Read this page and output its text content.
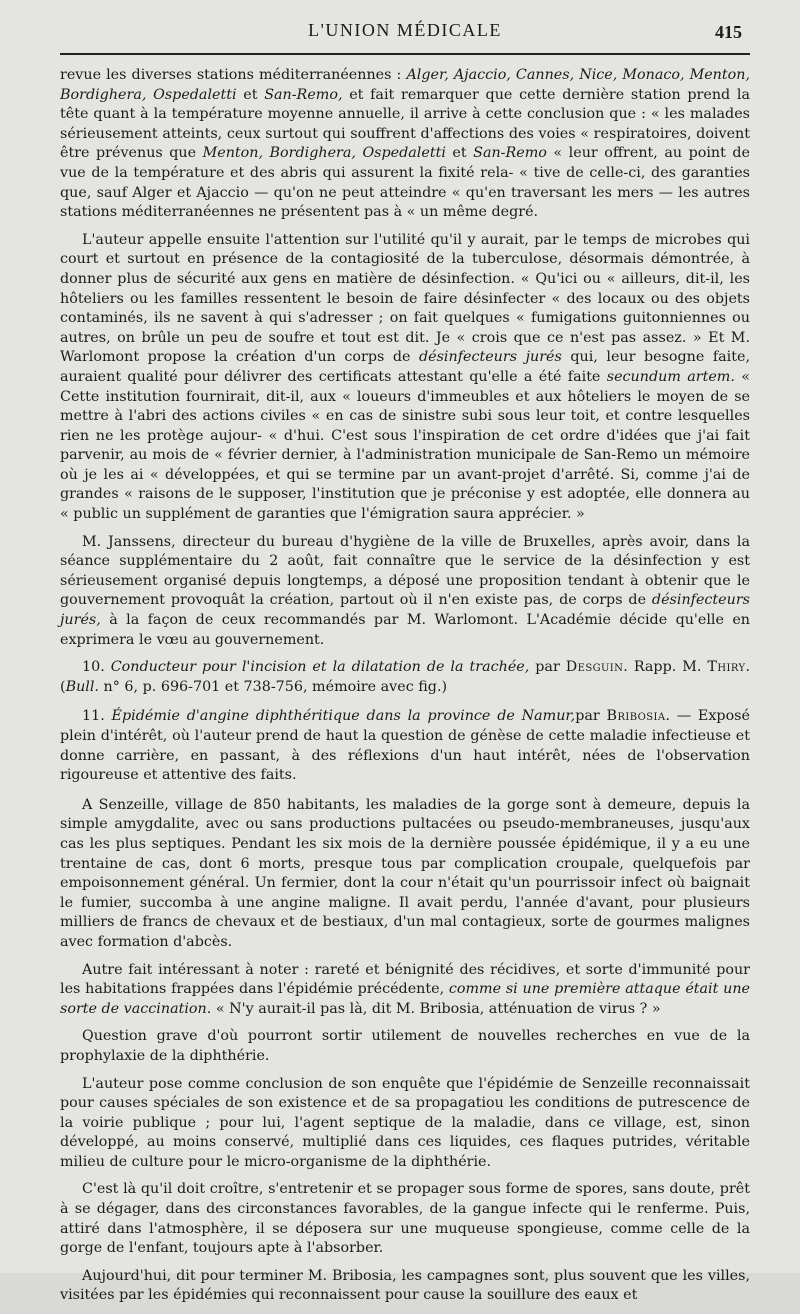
L'UNION MÉDICALE	415

revue les diverses stations méditerranéennes : Alger, Ajaccio, Cannes, Nice, Monaco, Menton, Bordighera, Ospedaletti et San-Remo, et fait remarquer que cette dernière station prend la tête quant à la température moyenne annuelle, il arrive à cette conclusion que : « les malades sérieusement atteints, ceux surtout qui souffrent d'affections des voies « respiratoires, doivent être prévenus que Menton, Bordighera, Ospedaletti et San-Remo « leur offrent, au point de vue de la température et des abris qui assurent la fixité rela- « tive de celle-ci, des garanties que, sauf Alger et Ajaccio — qu'on ne peut atteindre « qu'en traversant les mers — les autres stations méditerranéennes ne présentent pas à « un même degré.

L'auteur appelle ensuite l'attention sur l'utilité qu'il y aurait, par le temps de microbes qui court et surtout en présence de la contagiosité de la tuberculose, désormais démontrée, à donner plus de sécurité aux gens en matière de désinfection. « Qu'ici ou « ailleurs, dit-il, les hôteliers ou les familles ressentent le besoin de faire désinfecter « des locaux ou des objets contaminés, ils ne savent à qui s'adresser ; on fait quelques « fumigations guitonniennes ou autres, on brûle un peu de soufre et tout est dit. Je « crois que ce n'est pas assez. » Et M. Warlomont propose la création d'un corps de désinfecteurs jurés qui, leur besogne faite, auraient qualité pour délivrer des certificats attestant qu'elle a été faite secundum artem. « Cette institution fournirait, dit-il, aux « loueurs d'immeubles et aux hôteliers le moyen de se mettre à l'abri des actions civiles « en cas de sinistre subi sous leur toit, et contre lesquelles rien ne les protège aujour- « d'hui. C'est sous l'inspiration de cet ordre d'idées que j'ai fait parvenir, au mois de « février dernier, à l'administration municipale de San-Remo un mémoire où je les ai « développées, et qui se termine par un avant-projet d'arrêté. Si, comme j'ai de grandes « raisons de le supposer, l'institution que je préconise y est adoptée, elle donnera au « public un supplément de garanties que l'émigration saura apprécier. »

M. Janssens, directeur du bureau d'hygiène de la ville de Bruxelles, après avoir, dans la séance supplémentaire du 2 août, fait connaître que le service de la désinfection y est sérieusement organisé depuis longtemps, a déposé une proposition tendant à obtenir que le gouvernement provoquât la création, partout où il n'en existe pas, de corps de désinfecteurs jurés, à la façon de ceux recommandés par M. Warlomont. L'Académie décide qu'elle en exprimera le vœu au gouvernement.

10. Conducteur pour l'incision et la dilatation de la trachée, par Desguin. Rapp. M. Thiry. (Bull. n° 6, p. 696-701 et 738-756, mémoire avec fig.)

11. Épidémie d'angine diphthéritique dans la province de Namur,par Bribosia. — Exposé plein d'intérêt, où l'auteur prend de haut la question de génèse de cette maladie infectieuse et donne carrière, en passant, à des réflexions d'un haut intérêt, nées de l'observation rigoureuse et attentive des faits.

A Senzeille, village de 850 habitants, les maladies de la gorge sont à demeure, depuis la simple amygdalite, avec ou sans productions pultacées ou pseudo-membraneuses, jusqu'aux cas les plus septiques. Pendant les six mois de la dernière poussée épidémique, il y a eu une trentaine de cas, dont 6 morts, presque tous par complication croupale, quelquefois par empoisonnement général. Un fermier, dont la cour n'était qu'un pourrissoir infect où baignait le fumier, succomba à une angine maligne. Il avait perdu, l'année d'avant, pour plusieurs milliers de francs de chevaux et de bestiaux, d'un mal contagieux, sorte de gourmes malignes avec formation d'abcès.

Autre fait intéressant à noter : rareté et bénignité des récidives, et sorte d'immunité pour les habitations frappées dans l'épidémie précédente, comme si une première attaque était une sorte de vaccination. « N'y aurait-il pas là, dit M. Bribosia, atténuation de virus ? »

Question grave d'où pourront sortir utilement de nouvelles recherches en vue de la prophylaxie de la diphthérie.

L'auteur pose comme conclusion de son enquête que l'épidémie de Senzeille reconnaissait pour causes spéciales de son existence et de sa propagatiou les conditions de putrescence de la voirie publique ; pour lui, l'agent septique de la maladie, dans ce village, est, sinon développé, au moins conservé, multiplié dans ces liquides, ces flaques putrides, véritable milieu de culture pour le micro-organisme de la diphthérie.

C'est là qu'il doit croître, s'entretenir et se propager sous forme de spores, sans doute, prêt à se dégager, dans des circonstances favorables, de la gangue infecte qui le renferme. Puis, attiré dans l'atmosphère, il se déposera sur une muqueuse spongieuse, comme celle de la gorge de l'enfant, toujours apte à l'absorber.

Aujourd'hui, dit pour terminer M. Bribosia, les campagnes sont, plus souvent que les villes, visitées par les épidémies qui reconnaissent pour cause la souillure des eaux et
